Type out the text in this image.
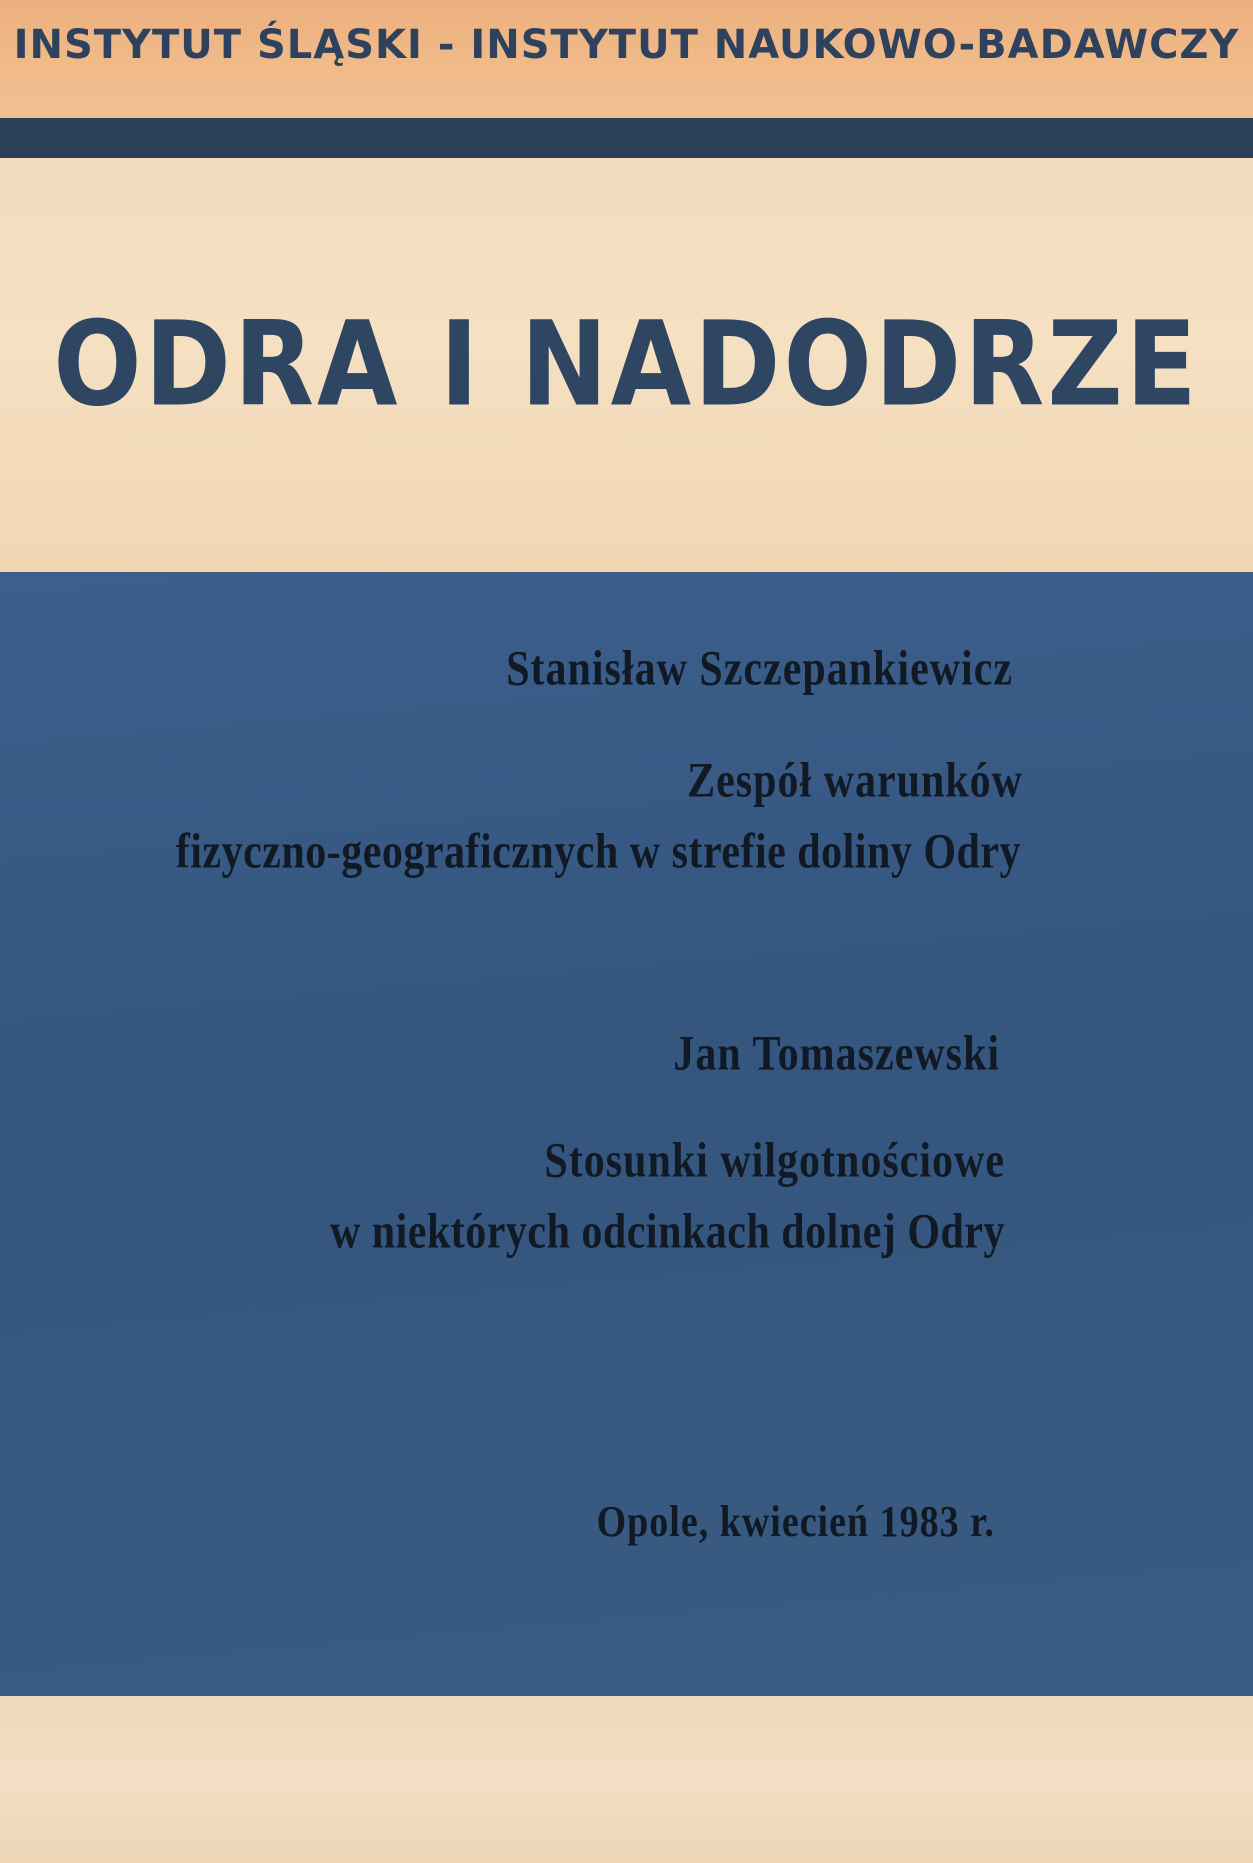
INSTYTUT ŚLĄSKI - INSTYTUT NAUKOWO-BADAWCZY
ODRA I NADODRZE
Stanisław Szczepankiewicz
Zespół warunków
fizyczno-geograficznych w strefie doliny Odry
Jan Tomaszewski
Stosunki wilgotnościowe
w niektórych odcinkach dolnej Odry
Opole, kwiecień 1983 r.
